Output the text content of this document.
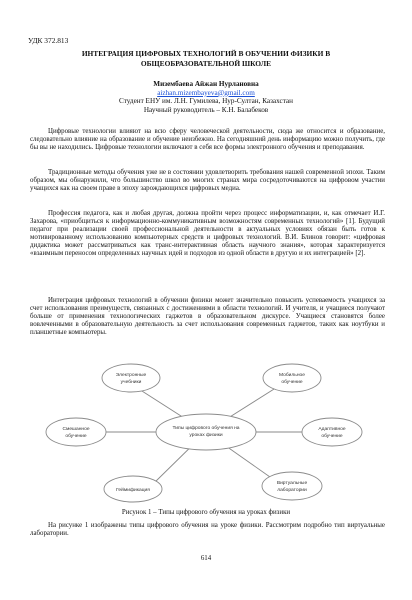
УДК 372.813
ИНТЕГРАЦИЯ ЦИФРОВЫХ ТЕХНОЛОГИЙ В ОБУЧЕНИИ ФИЗИКИ В
ОБЩЕОБРАЗОВАТЕЛЬНОЙ ШКОЛЕ
Мизембаева Айжан Нурлановна
aizhan.mizembayeva@gmail.com
Студент ЕНУ им. Л.Н. Гумилева, Нур-Султан, Казахстан
Научный руководитель – К.Н. Балабеков

Цифровые технологии влияют на всю сферу человеческой деятельности, сюда же относится и образование, следовательно влияние на образование и обучение неизбежно. На сегодняшний день информацию можно получить, где бы вы не находились. Цифровые технологии включают в себя все формы электронного обучения и преподавания.

Традиционные методы обучения уже не в состоянии удовлетворить требования нашей современной эпохи. Таким образом, мы обнаружили, что большинство школ во многих странах мира сосредоточиваются на цифровом участии учащихся как на своем праве в эпоху зарождающихся цифровых медиа.

Профессия педагога, как и любая другая, должна пройти через процесс информатизации, и, как отмечает И.Г. Захарова, «приобщиться к информационно-коммуникативным возможностям современных технологий» [1]. Будущий педагог при реализации своей профессиональной деятельности в актуальных условиях обязан быть готов к мотивированному использованию компьютерных средств и цифровых технологий. В.И. Блинов говорит: «цифровая дидактика может рассматриваться как транс-интерактивная область научного знания», которая характеризуется «взаимным переносом определенных научных идей и подходов из одной области в другую и их интеграцией» [2].

Интеграция цифровых технологий в обучении физики может значительно повысить успеваемость учащихся за счет использования преимуществ, связанных с достижениями в области технологий. И учителя, и учащиеся получают больше от применения технологических гаджетов в образовательном дискурсе. Учащиеся становятся более вовлеченными в образовательную деятельность за счет использования современных гаджетов, таких как ноутбуки и планшетные компьютеры.

Типы цифрового обучения на
уроках физики
Электронные
учебники
Мобильное
обучение
Адаптивное
обучение
Виртуальные
лаборатории
Геймификация
Смешанное
обучение
Рисунок 1 – Типы цифрового обучения на уроках физики

На рисунке 1 изображены типы цифрового обучения на уроке физики. Рассмотрим подробно тип виртуальные лаборатории.

614
